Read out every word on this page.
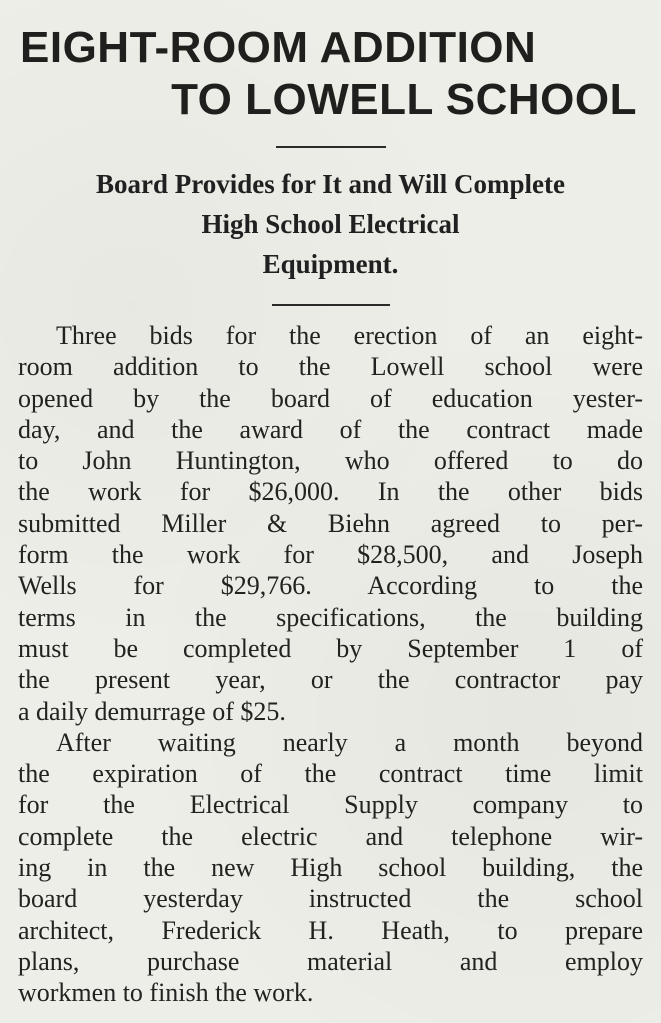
EIGHT-ROOM ADDITION
TO LOWELL SCHOOL
Board Provides for It and Will Complete
High School Electrical
Equipment.

Three bids for the erection of an eight-
room addition to the Lowell school were
opened by the board of education yester-
day, and the award of the contract made
to John Huntington, who offered to do
the work for $26,000. In the other bids
submitted Miller & Biehn agreed to per-
form the work for $28,500, and Joseph
Wells for $29,766. According to the
terms in the specifications, the building
must be completed by September 1 of
the present year, or the contractor pay
a daily demurrage of $25.

After waiting nearly a month beyond
the expiration of the contract time limit
for the Electrical Supply company to
complete the electric and telephone wir-
ing in the new High school building, the
board yesterday instructed the school
architect, Frederick H. Heath, to prepare
plans, purchase material and employ
workmen to finish the work.
